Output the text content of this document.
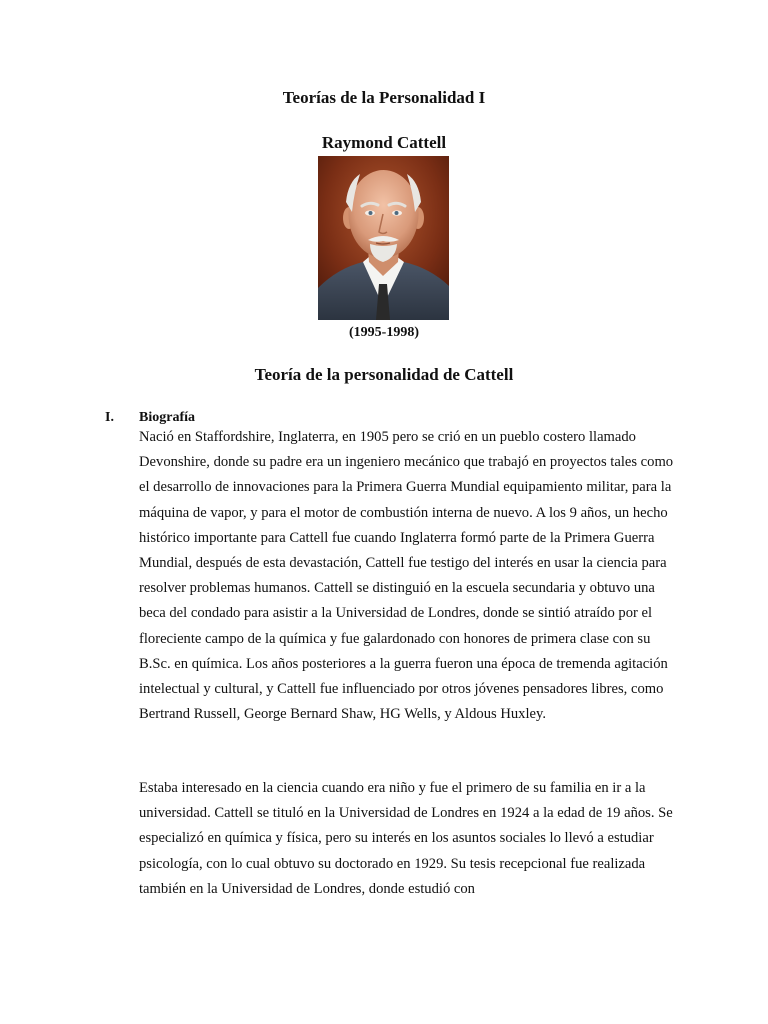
Teorías de la Personalidad I
Raymond Cattell
(1995-1998)
Teoría de la personalidad de Cattell
I. Biografía
Nació en Staffordshire, Inglaterra, en 1905 pero se crió en un pueblo costero llamado Devonshire, donde su padre era un ingeniero mecánico que trabajó en proyectos tales como el desarrollo de innovaciones para la Primera Guerra Mundial equipamiento militar, para la máquina de vapor, y para el motor de combustión interna de nuevo. A los 9 años, un hecho histórico importante para Cattell fue cuando Inglaterra formó parte de la Primera Guerra Mundial, después de esta devastación, Cattell fue testigo del interés en usar la ciencia para resolver problemas humanos. Cattell se distinguió en la escuela secundaria y obtuvo una beca del condado para asistir a la Universidad de Londres, donde se sintió atraído por el floreciente campo de la química y fue galardonado con honores de primera clase con su B.Sc. en química. Los años posteriores a la guerra fueron una época de tremenda agitación intelectual y cultural, y Cattell fue influenciado por otros jóvenes pensadores libres, como Bertrand Russell, George Bernard Shaw, HG Wells, y Aldous Huxley.
Estaba interesado en la ciencia cuando era niño y fue el primero de su familia en ir a la universidad. Cattell se tituló en la Universidad de Londres en 1924 a la edad de 19 años. Se especializó en química y física, pero su interés en los asuntos sociales lo llevó a estudiar psicología, con lo cual obtuvo su doctorado en 1929. Su tesis recepcional fue realizada también en la Universidad de Londres, donde estudió con
